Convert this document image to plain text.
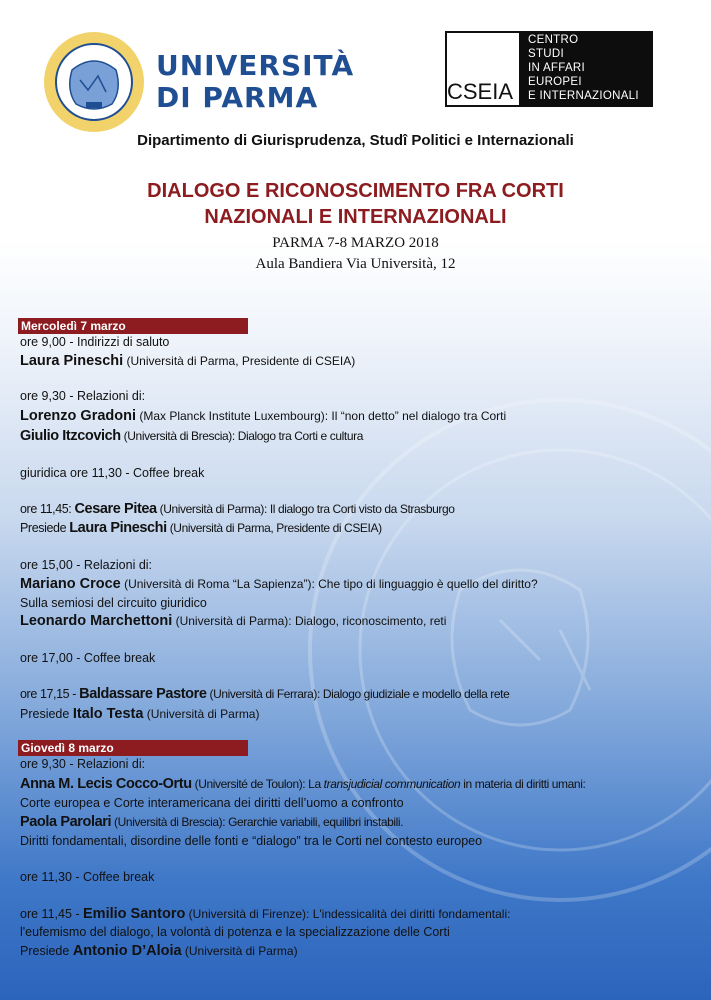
UNIVERSITÀ
DI PARMA	CSEIA
CENTRO
STUDI
IN AFFARI
EUROPEI
E INTERNAZIONALI
Dipartimento di Giurisprudenza, Studî Politici e Internazionali
DIALOGO E RICONOSCIMENTO FRA CORTI
NAZIONALI E INTERNAZIONALI
PARMA 7-8 MARZO 2018
Aula Bandiera Via Università, 12
Mercoledì 7 marzo
ore 9,00 - Indirizzi di saluto
Laura Pineschi (Università di Parma, Presidente di CSEIA)
ore 9,30 - Relazioni di:
Lorenzo Gradoni (Max Planck Institute Luxembourg): Il “non detto” nel dialogo tra Corti
Giulio Itzcovich (Università di Brescia): Dialogo tra Corti e cultura
giuridica ore 11,30 - Coffee break
ore 11,45: Cesare Pitea (Università di Parma): Il dialogo tra Corti visto da Strasburgo
Presiede Laura Pineschi (Università di Parma, Presidente di CSEIA)
ore 15,00 - Relazioni di:
Mariano Croce (Università di Roma “La Sapienza”): Che tipo di linguaggio è quello del diritto?
Sulla semiosi del circuito giuridico
Leonardo Marchettoni (Università di Parma): Dialogo, riconoscimento, reti
ore 17,00 - Coffee break
ore 17,15 - Baldassare Pastore (Università di Ferrara): Dialogo giudiziale e modello della rete
Presiede Italo Testa (Università di Parma)
Giovedì 8 marzo
ore 9,30 - Relazioni di:
Anna M. Lecis Cocco-Ortu (Université de Toulon): La transjudicial communication in materia di diritti umani:
Corte europea e Corte interamericana dei diritti dell’uomo a confronto
Paola Parolari (Università di Brescia): Gerarchie variabili, equilibri instabili.
Diritti fondamentali, disordine delle fonti e “dialogo” tra le Corti nel contesto europeo
ore 11,30 - Coffee break
ore 11,45 - Emilio Santoro (Università di Firenze): L'indessicalità dei diritti fondamentali:
l'eufemismo del dialogo, la volontà di potenza e la specializzazione delle Corti
Presiede Antonio D’Aloia (Università di Parma)
